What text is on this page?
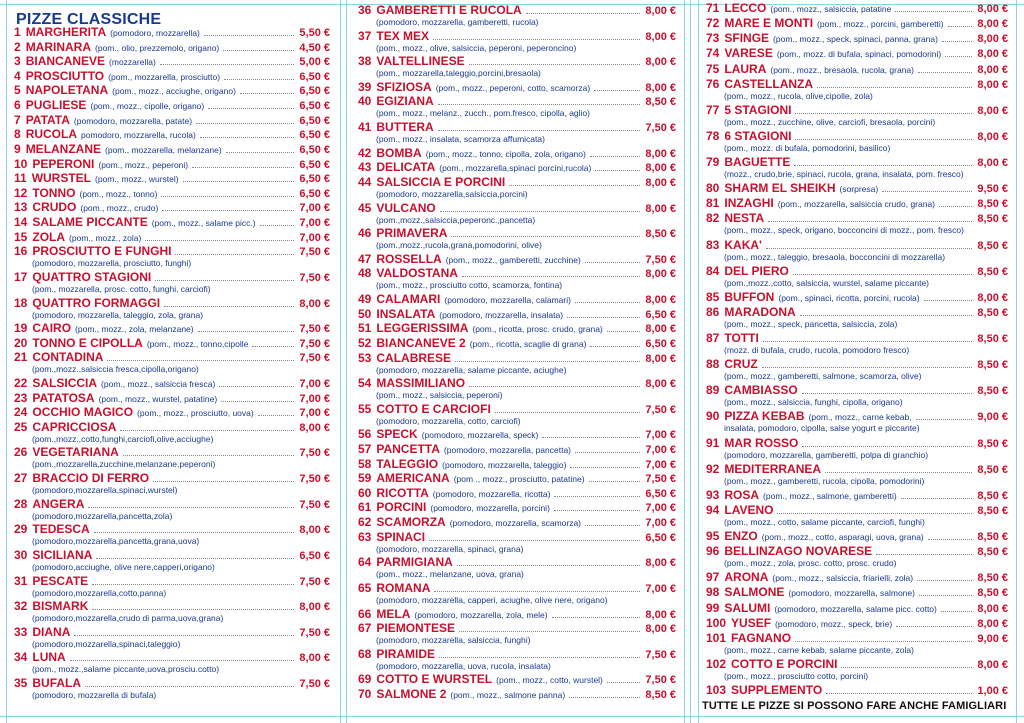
PIZZE CLASSICHE
1 MARGHERITA (pomodoro, mozzarella)	5,50 €
2 MARINARA (pom., olio, prezzemolo, origano)	4,50 €
3 BIANCANEVE (mozzarella)	5,00 €
4 PROSCIUTTO (pom., mozzarella, prosciutto)	6,50 €
5 NAPOLETANA (pom., mozz., acciughe, origano)	6,50 €
6 PUGLIESE (pom., mozz., cipolle, origano)	6,50 €
7 PATATA (pomodoro, mozzarella, patate)	6,50 €
8 RUCOLA pomodoro, mozzarella, rucola)	6,50 €
9 MELANZANE (pom., mozzarella, melanzane)	6,50 €
10 PEPERONI (pom., mozz., peperoni)	6,50 €
11 WURSTEL (pom., mozz., wurstel)	6,50 €
12 TONNO (pom., mozz., tonno)	6,50 €
13 CRUDO (pom., mozz., crudo)	7,00 €
14 SALAME PICCANTE (pom., mozz., salame picc.)	7,00 €
15 ZOLA (pom., mozz., zola)	7,00 €
16 PROSCIUTTO E FUNGHI	7,50 €
(pomodoro, mozzarella, prosciutto, funghi)
17 QUATTRO STAGIONI	7,50 €
(pom., mozzarella, prosc. cotto, funghi, carciofi)
18 QUATTRO FORMAGGI	8,00 €
(pomodoro, mozzarella, taleggio, zola, grana)
19 CAIRO (pom., mozz., zola, melanzane)	7,50 €
20 TONNO E CIPOLLA (pom., mozz., tonno,cipolle	7,50 €
21 CONTADINA	7,50 €
(pom.,mozz.,salsiccia fresca,cipolla,origano)
22 SALSICCIA (pom., mozz., salsiccia fresca)	7,00 €
23 PATATOSA (pom., mozz., wurstel, patatine)	7,00 €
24 OCCHIO MAGICO (pom., mozz., prosciutto, uova)	7,00 €
25 CAPRICCIOSA	8,00 €
(pom.,mozz.,cotto,funghi,carciofi,olive,acciughe)
26 VEGETARIANA	7,50 €
(pom.,mozzarella,zucchine,melanzane,peperoni)
27 BRACCIO DI FERRO	7,50 €
(pomodoro,mozzarella,spinaci,wurstel)
28 ANGERA	7,50 €
(pomodoro,mozzarella,pancetta,zola)
29 TEDESCA	8,00 €
(pomodoro,mozzarella,pancetta,grana,uova)
30 SICILIANA	6,50 €
(pomodoro,acciughe, olive nere,capperi,origano)
31 PESCATE	7,50 €
(pomodoro,mozzarella,cotto,panna)
32 BISMARK	8,00 €
(pomodoro,mozzarella,crudo di parma,uova,grana)
33 DIANA	7,50 €
(pomodoro,mozzarella,spinaci,taleggio)
34 LUNA	8,00 €
(pom., mozz.,salame piccante,uova,prosciu.cotto)
35 BUFALA	7,50 €
(pomodoro, mozzarella di bufala)
36 GAMBERETTI E RUCOLA	8,00 €
(pomodoro, mozzarella, gamberetti, rucola)
37 TEX MEX	8,00 €
(pom., mozz., olive, salsiccia, peperoni, peperoncino)
38 VALTELLINESE	8,00 €
(pom., mozzarella,taleggio,porcini,bresaola)
39 SFIZIOSA (pom., mozz., peperoni, cotto, scamorza)	8,00 €
40 EGIZIANA	8,50 €
(pom., mozz., melanz., zucch., pom.fresco, cipolla, aglio)
41 BUTTERA	7,50 €
(pom., mozz., insalata, scamorza affumicata)
42 BOMBA (pom., mozz., tonno, cipolla, zola, origano)	8,00 €
43 DELICATA (pom., mozzarella,spinaci porcini,rucola)	8,00 €
44 SALSICCIA E PORCINI	8,00 €
(pomodoro, mozzarella,salsiccia,porcini)
45 VULCANO	8,00 €
(pom.,mozz.,salsiccia,peperonc.,pancetta)
46 PRIMAVERA	8,50 €
(pom.,mozz.,rucola,grana,pomodorini, olive)
47 ROSSELLA (pom., mozz., gamberetti, zucchine)	7,50 €
48 VALDOSTANA	8,00 €
(pom., mozz., prosciutto cotto, scamorza, fontina)
49 CALAMARI (pomodoro, mozzarella, calamari)	8,00 €
50 INSALATA (pomodoro, mozzarella, insalata)	6,50 €
51 LEGGERISSIMA (pom., ricotta, prosc. crudo, grana)	8,00 €
52 BIANCANEVE 2 (pom., ricotta, scaglie di grana)	6,50 €
53 CALABRESE	8,00 €
(pomodoro, mozzarella, salame piccante, aciughe)
54 MASSIMILIANO	8,00 €
(pom., mozz., salsiccia, peperoni)
55 COTTO E CARCIOFI	7,50 €
(pomodoro, mozzarella, cotto, carciofi)
56 SPECK (pomodoro, mozzarella, speck)	7,00 €
57 PANCETTA (pomodoro, mozzarella, pancetta)	7,00 €
58 TALEGGIO (pomodoro, mozzarella, taleggio)	7,00 €
59 AMERICANA (pom ., mozz., prosciutto, patatine)	7,50 €
60 RICOTTA (pomodoro, mozzarella, ricotta)	6,50 €
61 PORCINI (pomodoro, mozzarella, porcini)	7,00 €
62 SCAMORZA (pomodoro, mozzarella, scamorza)	7,00 €
63 SPINACI	6,50 €
(pomodoro, mozzarella, spinaci, grana)
64 PARMIGIANA	8,00 €
(pom., mozz., melanzane, uova, grana)
65 ROMANA	7,00 €
(pomodoro, mozzarella, capperi, aciughe, olive nere, origano)
66 MELA (pomodoro, mozzarella, zola, mele)	8,00 €
67 PIEMONTESE	8,00 €
(pomodoro, mozzarella, salsiccia, funghi)
68 PIRAMIDE	7,50 €
(pomodoro, mozzarella, uova, rucola, insalata)
69 COTTO E WURSTEL (pom., mozz., cotto, wurstel)	7,50 €
70 SALMONE 2 (pom., mozz., salmone panna)	8,50 €
71 LECCO (pom., mozz., salsiccia, patatine	8,00 €
72 MARE E MONTI (pom., mozz., porcini, gamberetti)	8,00 €
73 SFINGE (pom., mozz., speck, spinaci, panna, grana)	8,00 €
74 VARESE (pom., mozz. di bufala, spinaci, pomodorini)	8,00 €
75 LAURA (pom., mozz., bresaola, rucola, grana)	8,00 €
76 CASTELLANZA	8,00 €
(pom., mozz., rucola, olive,cipolle, zola)
77 5 STAGIONI	8,00 €
(pom., mozz., zucchine, olive, carciofi, bresaola, porcini)
78 6 STAGIONI	8,00 €
(pom., mozz. di bufala, pomodorini, basilico)
79 BAGUETTE	8,00 €
(mozz., crudo,brie, spinaci, rucola, grana, insalata, pom. fresco)
80 SHARM EL SHEIKH (sorpresa)	9,50 €
81 INZAGHI (pom., mozzarella, salsiccia crudo, grana)	8,50 €
82 NESTA	8,50 €
(pom., mozz., speck, origano, bocconcini di mozz., pom. fresco)
83 KAKA'	8,50 €
(pom., mozz., taleggio, bresaola, bocconcini di mozzarella)
84 DEL PIERO	8,50 €
(pom.,mozz.,cotto, salsiccia, wurstel, salame piccante)
85 BUFFON (pom., spinaci, ricotta, porcini, rucola)	8,00 €
86 MARADONA	8,50 €
(pom., mozz., speck, pancetta, salsiccia, zola)
87 TOTTI	8,50 €
(mozz. di bufala, crudo, rucola, pomodoro fresco)
88 CRUZ	8,50 €
(pom., mozz., gamberetti, salmone, scamorza, olive)
89 CAMBIASSO	8,50 €
(pom., mozz., salsiccia, funghi, cipolla, origano)
90 PIZZA KEBAB (pom., mozz., carne kebab,	9,00 €
insalata, pomodoro, cipolla, salse yogurt e piccante)
91 MAR ROSSO	8,50 €
(pomodoro, mozzarella, gamberetti, polpa di granchio)
92 MEDITERRANEA	8,50 €
(pom., mozz., gamberetti, rucola, cipolla, pomodorini)
93 ROSA (pom., mozz., salmone, gamberetti)	8,50 €
94 LAVENO	8,50 €
(pom., mozz., cotto, salame piccante, carciofi, funghi)
95 ENZO (pom., mozz., cotto, asparagi, uova, grana)	8,50 €
96 BELLINZAGO NOVARESE	8,50 €
(pom., mozz., zola, prosc. cotto, prosc. crudo)
97 ARONA (pom., mozz., salsiccia, friarielli, zola)	8,50 €
98 SALMONE (pomodoro, mozzarella, salmone)	8,50 €
99 SALUMI (pomodoro, mozzarella, salame picc. cotto)	8,00 €
100 YUSEF (pomodoro, mozz., speck, brie)	8,00 €
101 FAGNANO	9,00 €
(pom., mozz., carne kebab, salame piccante, zola)
102 COTTO E PORCINI	8,00 €
(pom., mozz., prosciutto cotto, porcini)
103 SUPPLEMENTO	1,00 €
TUTTE LE PIZZE SI POSSONO FARE ANCHE FAMIGLIARI
